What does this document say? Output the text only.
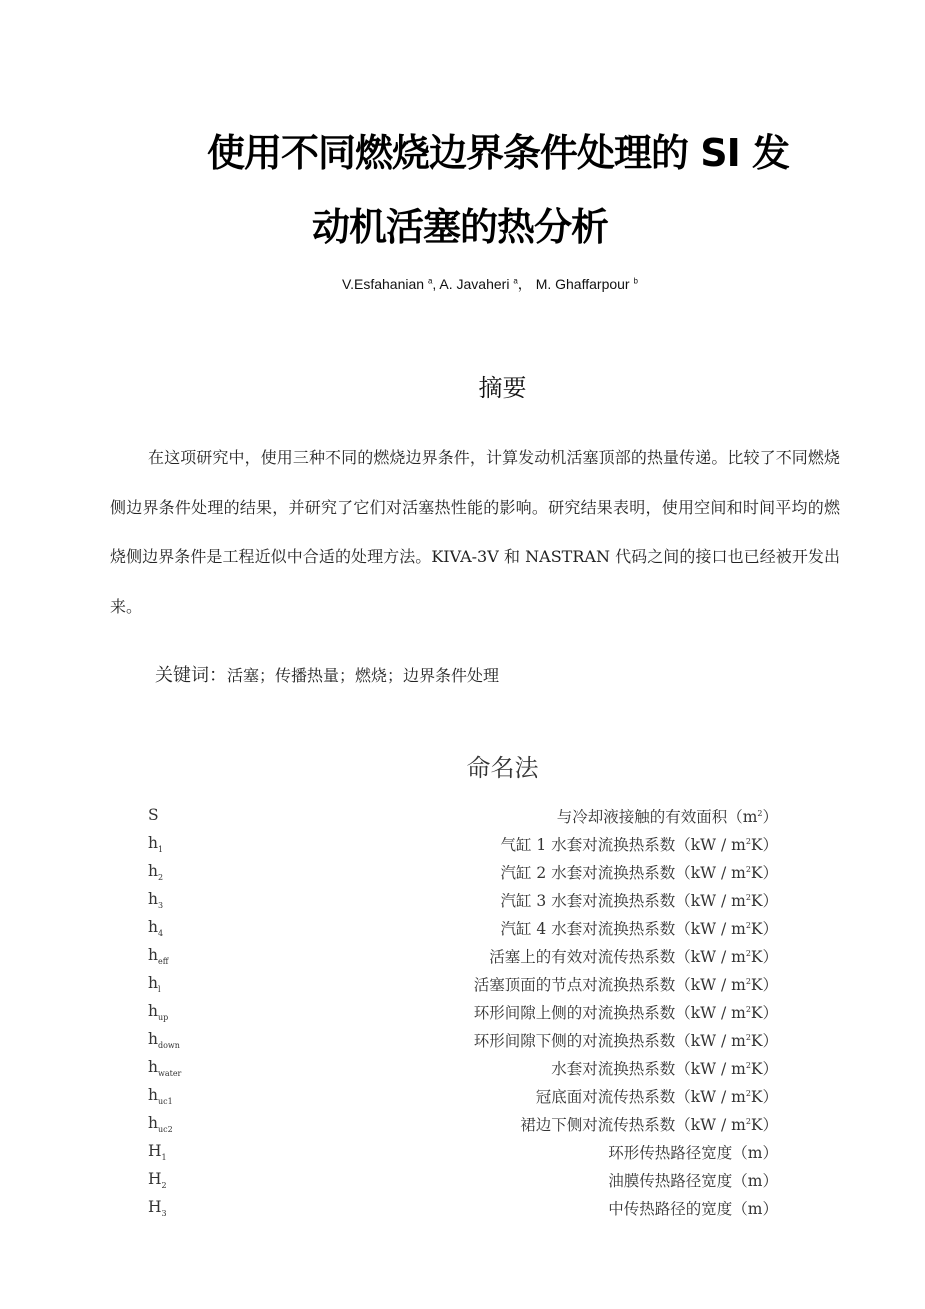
使用不同燃烧边界条件处理的 SI 发
动机活塞的热分析
V.Esfahanian $^a$, A. Javaheri $^a$， M. Ghaffarpour $^b$
摘要

在这项研究中，使用三种不同的燃烧边界条件，计算发动机活塞顶部的热量传递。比较了不同燃烧侧边界条件处理的结果，并研究了它们对活塞热性能的影响。研究结果表明，使用空间和时间平均的燃烧侧边界条件是工程近似中合适的处理方法。KIVA-3V 和 NASTRAN 代码之间的接口也已经被开发出来。

关键词：活塞；传播热量；燃烧；边界条件处理
命名法
S	与冷却液接触的有效面积$(m^2)$
$h_1$	气缸 1 水套对流换热系数$(kW / m^2K)$
$h_2$	汽缸 2 水套对流换热系数$(kW / m^2K)$
$h_3$	汽缸 3 水套对流换热系数$(kW / m^2K)$
$h_4$	汽缸 4 水套对流换热系数$(kW / m^2K)$
$h_{eff}$	活塞上的有效对流传热系数$(kW / m^2K)$
$h_l$	活塞顶面的节点对流换热系数$(kW / m^2K)$
$h_{up}$	环形间隙上侧的对流换热系数$(kW / m^2K)$
$h_{down}$	环形间隙下侧的对流换热系数$(kW / m^2K)$
$h_{water}$	水套对流换热系数$(kW / m^2K)$
$h_{uc1}$	冠底面对流传热系数$(kW / m^2K)$
$h_{uc2}$	裙边下侧对流传热系数$(kW / m^2K)$
$H_1$	环形传热路径宽度（m）
$H_2$	油膜传热路径宽度（m）
$H_3$	中传热路径的宽度（m）
